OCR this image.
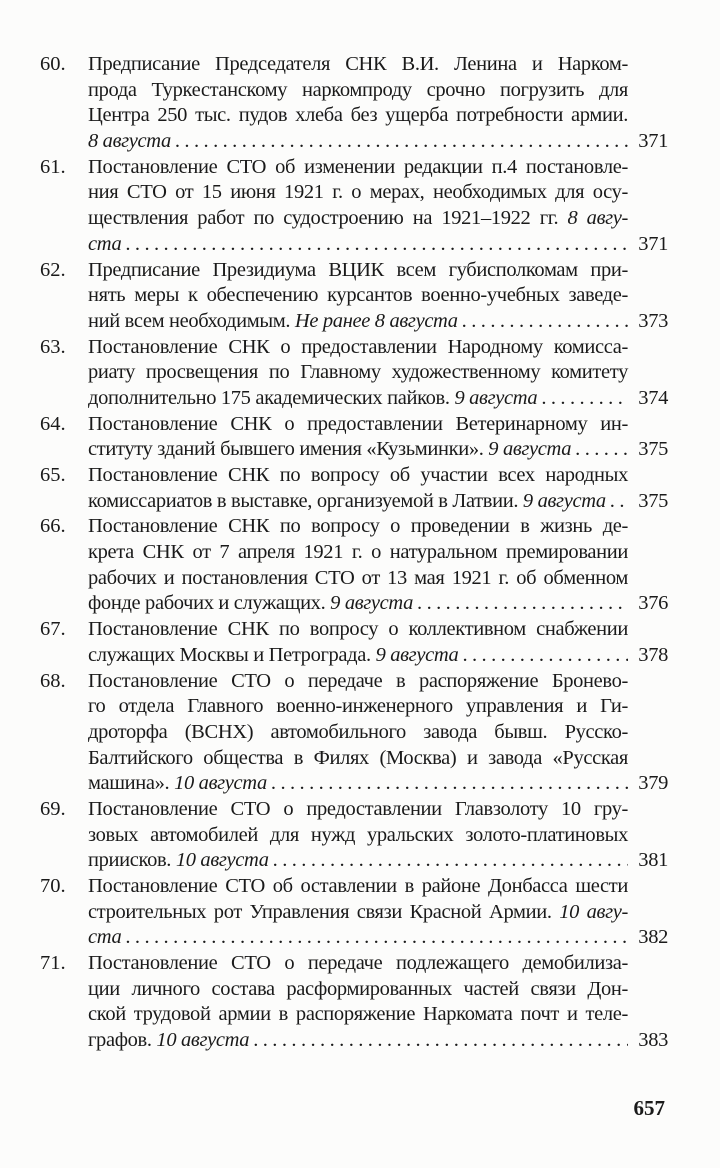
60. Предписание Председателя СНК В.И. Ленина и Нарком-
прода Туркестанскому наркомпроду срочно погрузить для
Центра 250 тыс. пудов хлеба без ущерба потребности армии.
8 августа . . .	371
61. Постановление СТО об изменении редакции п.4 постановле-
ния СТО от 15 июня 1921 г. о мерах, необходимых для осу-
ществления работ по судостроению на 1921–1922 гг. 8 авгу-
ста . . .	371
62. Предписание Президиума ВЦИК всем губисполкомам при-
нять меры к обеспечению курсантов военно-учебных заведе-
ний всем необходимым. Не ранее 8 августа . . .	373
63. Постановление СНК о предоставлении Народному комисса-
риату просвещения по Главному художественному комитету
дополнительно 175 академических пайков. 9 августа . . .	374
64. Постановление СНК о предоставлении Ветеринарному ин-
ституту зданий бывшего имения «Кузьминки». 9 августа . . .	375
65. Постановление СНК по вопросу об участии всех народных
комиссариатов в выставке, организуемой в Латвии. 9 августа . . .	375
66. Постановление СНК по вопросу о проведении в жизнь де-
крета СНК от 7 апреля 1921 г. о натуральном премировании
рабочих и постановления СТО от 13 мая 1921 г. об обменном
фонде рабочих и служащих. 9 августа . . .	376
67. Постановление СНК по вопросу о коллективном снабжении
служащих Москвы и Петрограда. 9 августа . . .	378
68. Постановление СТО о передаче в распоряжение Бронево-
го отдела Главного военно-инженерного управления и Ги-
дроторфа (ВСНХ) автомобильного завода бывш. Русско-
Балтийского общества в Филях (Москва) и завода «Русская
машина». 10 августа . . .	379
69. Постановление СТО о предоставлении Главзолоту 10 гру-
зовых автомобилей для нужд уральских золото-платиновых
приисков. 10 августа . . .	381
70. Постановление СТО об оставлении в районе Донбасса шести
строительных рот Управления связи Красной Армии. 10 авгу-
ста . . .	382
71. Постановление СТО о передаче подлежащего демобилиза-
ции личного состава расформированных частей связи Дон-
ской трудовой армии в распоряжение Наркомата почт и теле-
графов. 10 августа . . .	383
657
